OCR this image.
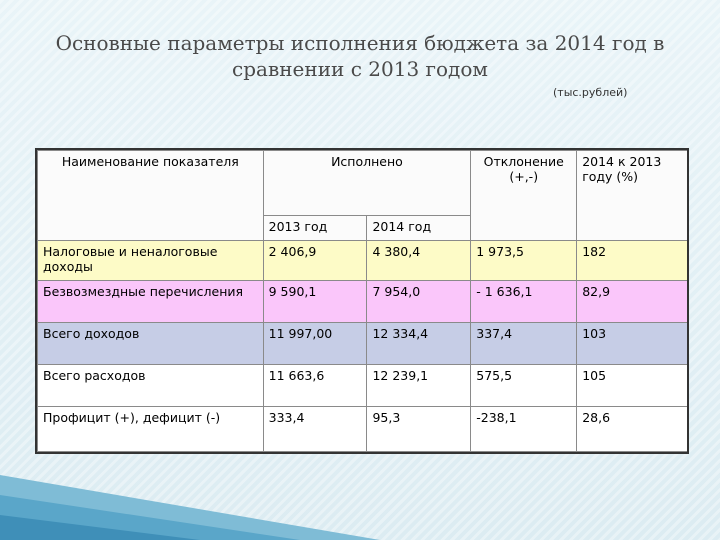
Основные параметры исполнения бюджета за 2014 год в
сравнении с 2013 годом
(тыс.рублей)
Наименование показателя	Исполнено		Отклонение (+,-)	2014 к 2013 году (%)
	2013 год	2014 год		
Налоговые и неналоговые доходы	2 406,9	4 380,4	1 973,5	182
Безвозмездные перечисления	9 590,1	7 954,0	- 1 636,1	82,9
Всего доходов	11 997,00	12 334,4	337,4	103
Всего расходов	11 663,6	12 239,1	575,5	105
Профицит (+), дефицит (-)	333,4	95,3	-238,1	28,6
